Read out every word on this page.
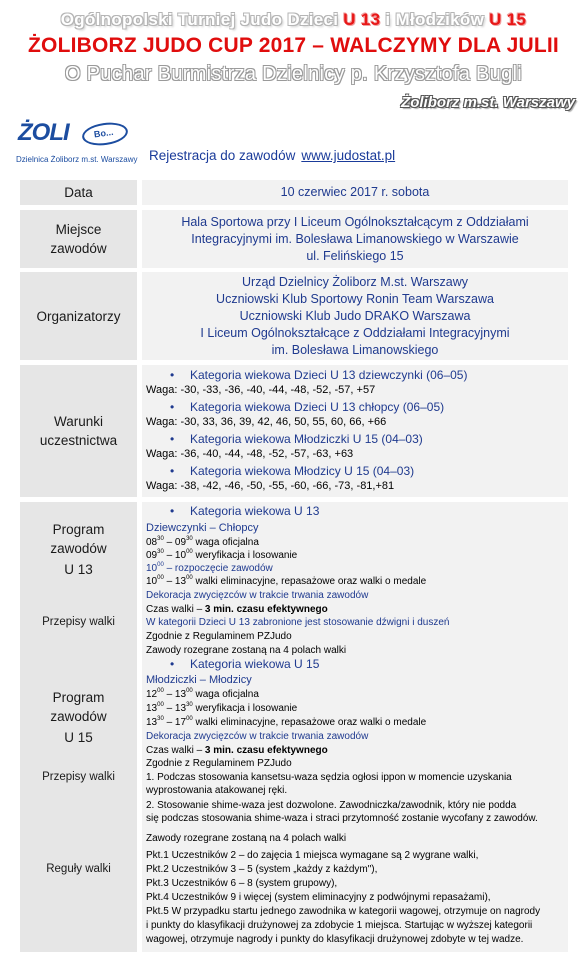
Ogólnopolski Turniej Judo Dzieci U 13 i Młodzików U 15
ŻOLIBORZ JUDO CUP 2017 – WALCZYMY DLA JULII
O Puchar Burmistrza Dzielnicy p. Krzysztofa Bugli
Żoliborz m.st. Warszawy
ŻOLI	Bo...
Dzielnica Żoliborz m.st. Warszawy Rejestracja do zawodów www.judostat.pl
Data	10 czerwiec 2017 r. sobota
Miejsce
zawodów
Hala Sportowa przy I Liceum Ogólnokształcącym z Oddziałami
Integracyjnymi im. Bolesława Limanowskiego w Warszawie
ul. Felińskiego 15
Organizatorzy
Urząd Dzielnicy Żoliborz M.st. Warszawy
Uczniowski Klub Sportowy Ronin Team Warszawa
Uczniowski Klub Judo DRAKO Warszawa
I Liceum Ogólnokształcące z Oddziałami Integracyjnymi
im. Bolesława Limanowskiego
Warunki
uczestnictwa
• Kategoria wiekowa Dzieci U 13 dziewczynki (06–05)
Waga: -30, -33, -36, -40, -44, -48, -52, -57, +57
• Kategoria wiekowa Dzieci U 13 chłopcy (06–05)
Waga: -30, 33, 36, 39, 42, 46, 50, 55, 60, 66, +66
• Kategoria wiekowa Młodziczki U 15 (04–03)
Waga: -36, -40, -44, -48, -52, -57, -63, +63
• Kategoria wiekowa Młodzicy U 15 (04–03)
Waga: -38, -42, -46, -50, -55, -60, -66, -73, -81,+81
Program
zawodów
U 13
Przepisy walki
Program
zawodów
U 15
Przepisy walki
Reguły walki
• Kategoria wiekowa U 13
Dziewczynki – Chłopcy
$08^{30} - 09^{30}$ waga oficjalna
$09^{30} - 10^{00}$ weryfikacja i losowanie
$10^{00}$ – rozpoczęcie zawodów
$10^{00} - 13^{00}$ walki eliminacyjne, repasażowe oraz walki o medale
Dekoracja zwycięzców w trakcie trwania zawodów
Czas walki – 3 min. czasu efektywnego
W kategorii Dzieci U 13 zabronione jest stosowanie dźwigni i duszeń
Zgodnie z Regulaminem PZJudo
Zawody rozegrane zostaną na 4 polach walki
• Kategoria wiekowa U 15
Młodziczki – Młodzicy
$12^{00} - 13^{00}$ waga oficjalna
$13^{00} - 13^{30}$ weryfikacja i losowanie
$13^{30} - 17^{00}$ walki eliminacyjne, repasażowe oraz walki o medale
Dekoracja zwycięzców w trakcie trwania zawodów
Czas walki – 3 min. czasu efektywnego
Zgodnie z Regulaminem PZJudo
1. Podczas stosowania kansetsu-waza sędzia ogłosi ippon w momencie uzyskania
wyprostowania atakowanej ręki.
2. Stosowanie shime-waza jest dozwolone. Zawodniczka/zawodnik, który nie podda
się podczas stosowania shime-waza i straci przytomność zostanie wycofany z zawodów.
Zawody rozegrane zostaną na 4 polach walki
Pkt.1 Uczestników 2 – do zajęcia 1 miejsca wymagane są 2 wygrane walki,
Pkt.2 Uczestników 3 – 5 (system „każdy z każdym"),
Pkt.3 Uczestników 6 – 8 (system grupowy),
Pkt.4 Uczestników 9 i więcej (system eliminacyjny z podwójnymi repasażami),
Pkt.5 W przypadku startu jednego zawodnika w kategorii wagowej, otrzymuje on nagrody
i punkty do klasyfikacji drużynowej za zdobycie 1 miejsca. Startując w wyższej kategorii
wagowej, otrzymuje nagrody i punkty do klasyfikacji drużynowej zdobyte w tej wadze.
